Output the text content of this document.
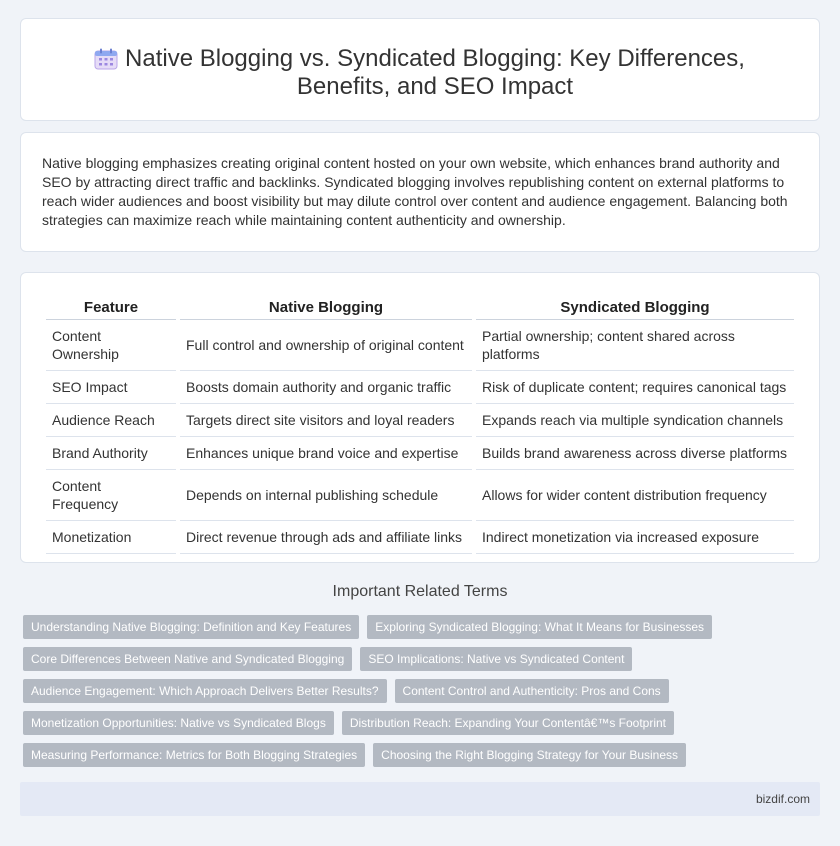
Native Blogging vs. Syndicated Blogging: Key Differences, Benefits, and SEO Impact

Native blogging emphasizes creating original content hosted on your own website, which enhances brand authority and SEO by attracting direct traffic and backlinks. Syndicated blogging involves republishing content on external platforms to reach wider audiences and boost visibility but may dilute control over content and audience engagement. Balancing both strategies can maximize reach while maintaining content authenticity and ownership.

Feature	Native Blogging	Syndicated Blogging
Content Ownership	Full control and ownership of original content	Partial ownership; content shared across platforms
SEO Impact	Boosts domain authority and organic traffic	Risk of duplicate content; requires canonical tags
Audience Reach	Targets direct site visitors and loyal readers	Expands reach via multiple syndication channels
Brand Authority	Enhances unique brand voice and expertise	Builds brand awareness across diverse platforms
Content Frequency	Depends on internal publishing schedule	Allows for wider content distribution frequency
Monetization	Direct revenue through ads and affiliate links	Indirect monetization via increased exposure
Important Related Terms
Understanding Native Blogging: Definition and Key Features	Exploring Syndicated Blogging: What It Means for Businesses
Core Differences Between Native and Syndicated Blogging	SEO Implications: Native vs Syndicated Content
Audience Engagement: Which Approach Delivers Better Results?	Content Control and Authenticity: Pros and Cons
Monetization Opportunities: Native vs Syndicated Blogs	Distribution Reach: Expanding Your Contentâ€™s Footprint
Measuring Performance: Metrics for Both Blogging Strategies	Choosing the Right Blogging Strategy for Your Business
bizdif.com
